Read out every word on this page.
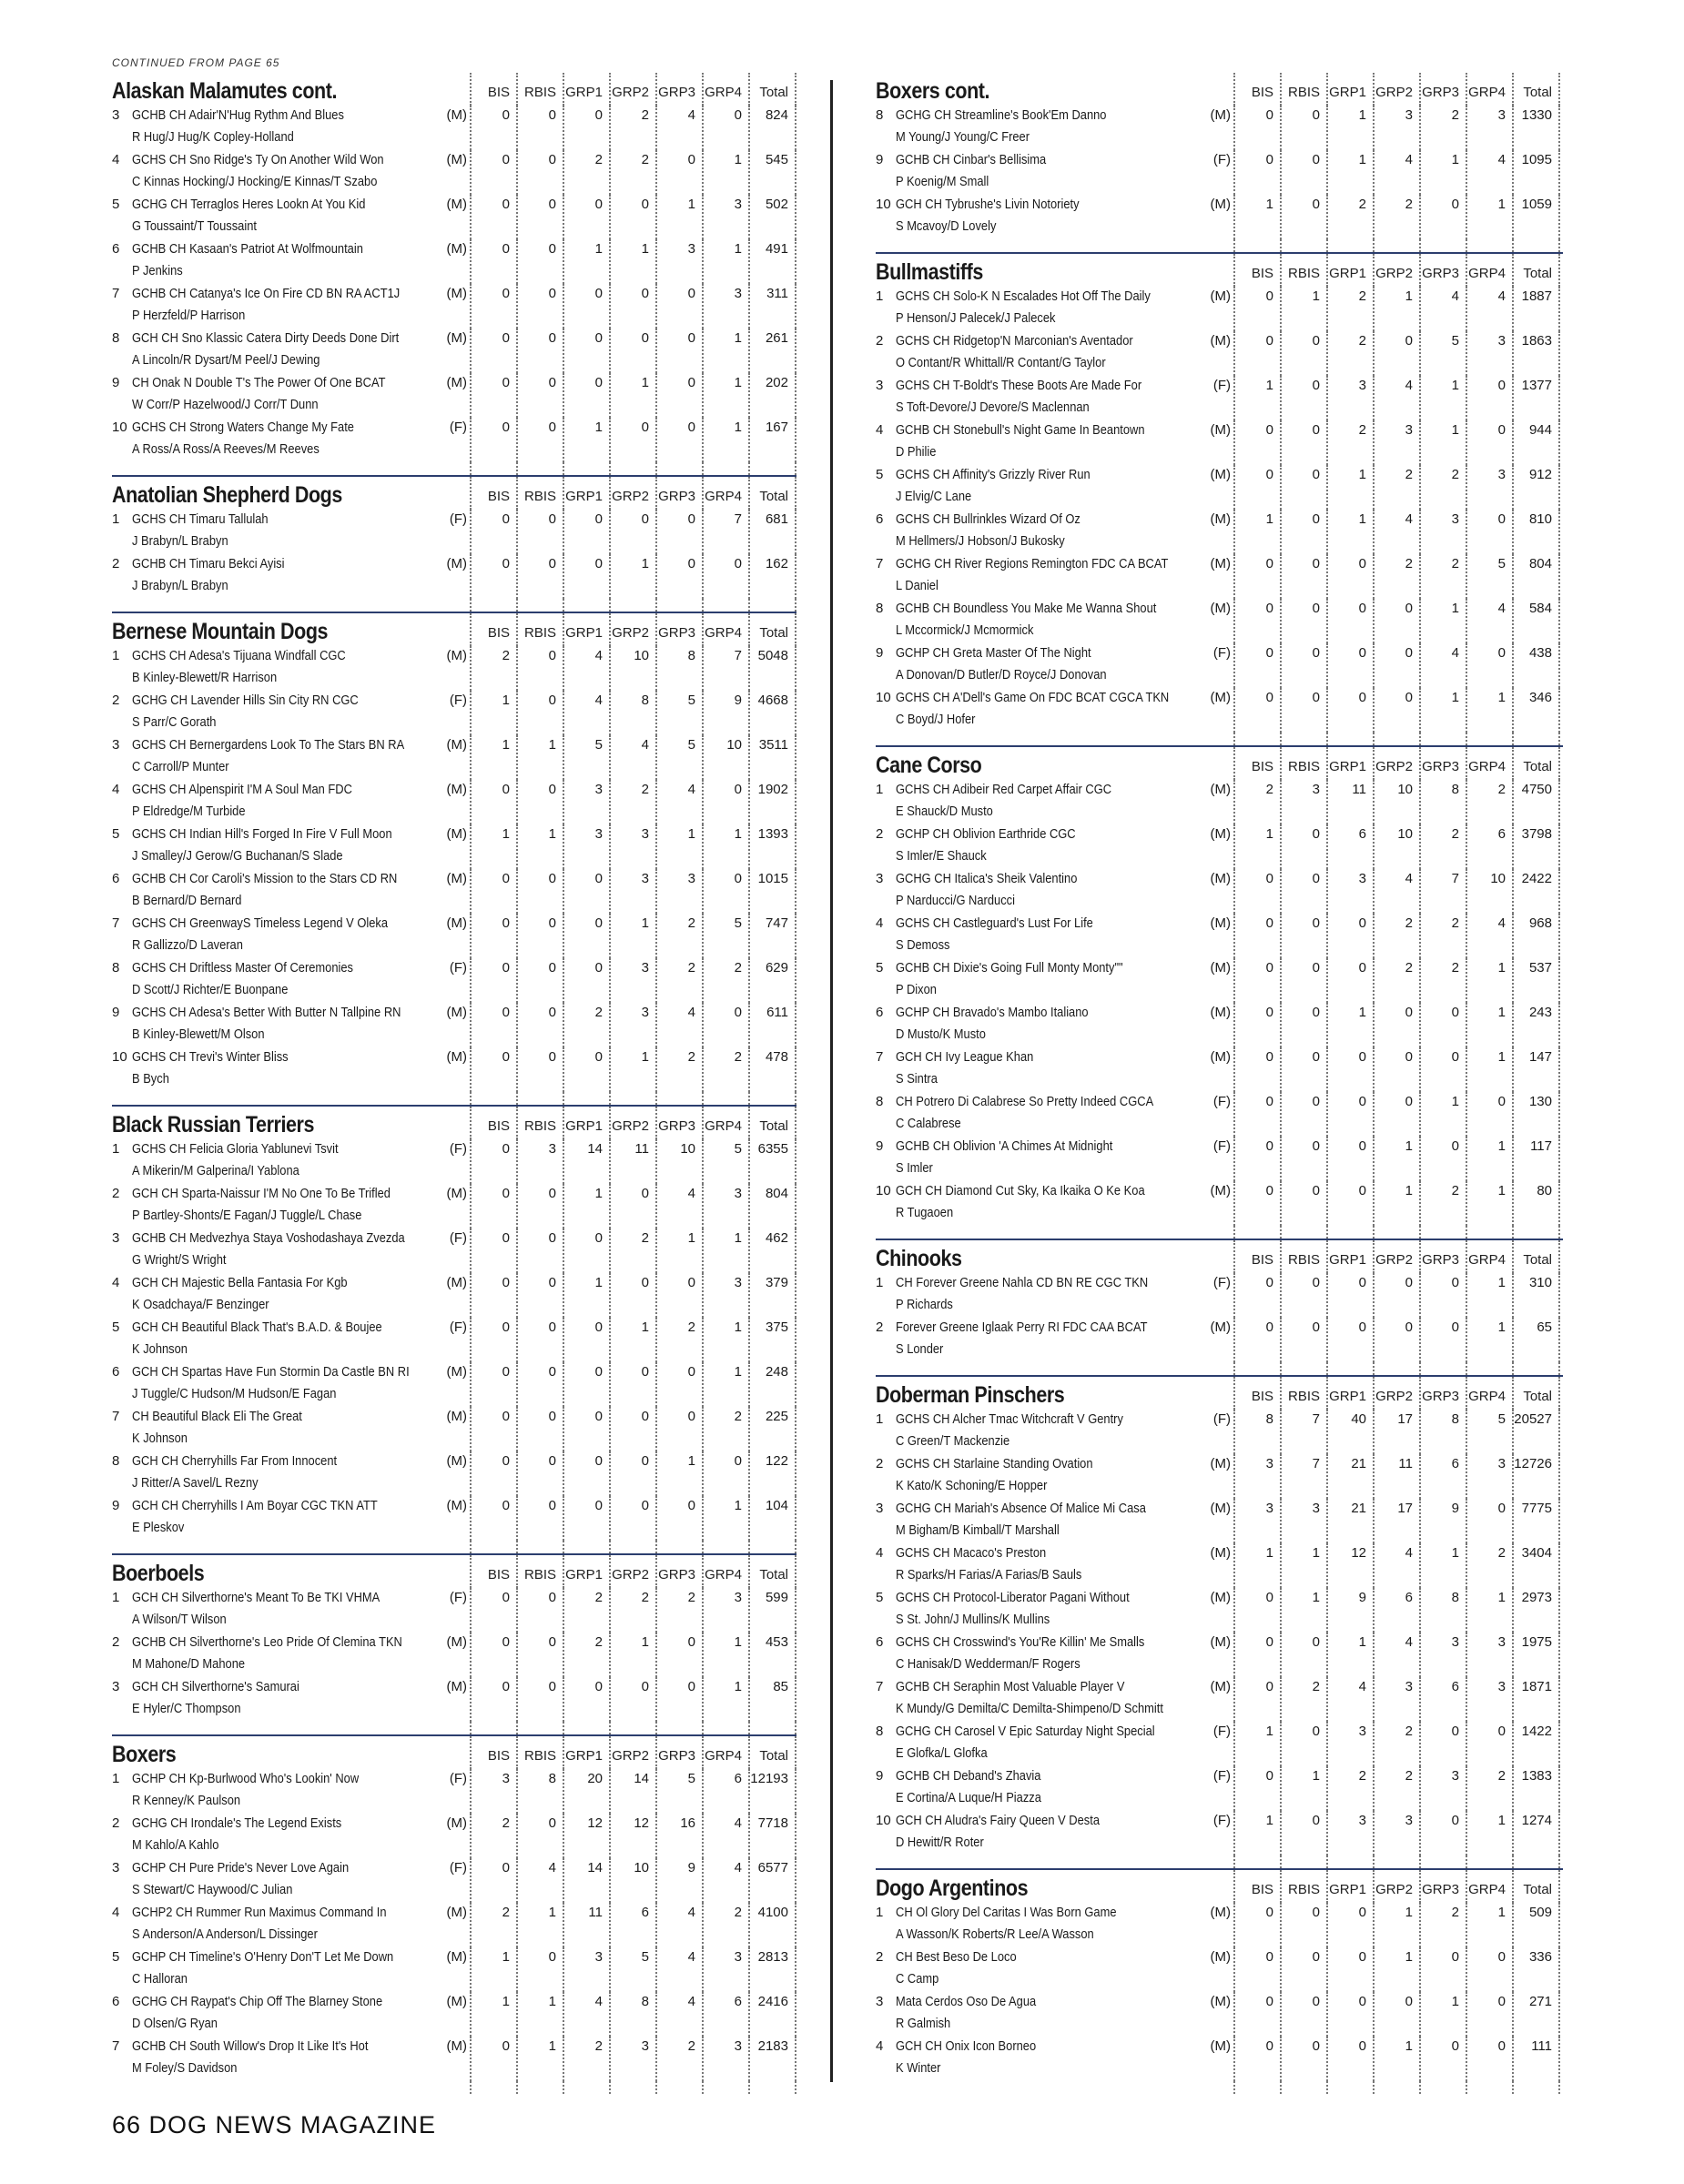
CONTINUED FROM PAGE 65
Alaskan Malamutes cont.	BIS	RBIS GRP1 GRP2 GRP3 GRP4	Total
3 GCHB CH Adair'N'Hug Rythm And Blues
R Hug/J Hug/K Copley-Holland
(M)	0	0	0	2	4	0	824
4 GCHS CH Sno Ridge's Ty On Another Wild Won
C Kinnas Hocking/J Hocking/E Kinnas/T Szabo
(M)	0	0	2	2	0	1	545
5 GCHG CH Terraglos Heres Lookn At You Kid
G Toussaint/T Toussaint
(M)	0	0	0	0	1	3	502
6 GCHB CH Kasaan's Patriot At Wolfmountain
P Jenkins
(M)	0	0	1	1	3	1	491
7 GCHB CH Catanya's Ice On Fire CD BN RA ACT1J
P Herzfeld/P Harrison
(M)	0	0	0	0	0	3	311
8 GCH CH Sno Klassic Catera Dirty Deeds Done Dirt
A Lincoln/R Dysart/M Peel/J Dewing
(M)	0	0	0	0	0	1	261
9 CH Onak N Double T's The Power Of One BCAT
W Corr/P Hazelwood/J Corr/T Dunn
(M)	0	0	0	1	0	1	202
10 GCHS CH Strong Waters Change My Fate
A Ross/A Ross/A Reeves/M Reeves
(F)	0	0	1	0	0	1	167
Anatolian Shepherd Dogs	BIS	RBIS GRP1 GRP2 GRP3 GRP4	Total
1 GCHS CH Timaru Tallulah
J Brabyn/L Brabyn
(F)	0	0	0	0	0	7	681
2 GCHB CH Timaru Bekci Ayisi
J Brabyn/L Brabyn
(M)	0	0	0	1	0	0	162
Bernese Mountain Dogs	BIS	RBIS GRP1 GRP2 GRP3 GRP4	Total
1 GCHS CH Adesa's Tijuana Windfall CGC
B Kinley-Blewett/R Harrison
(M)	2	0	4	10	8	7	5048
2 GCHG CH Lavender Hills Sin City RN CGC
S Parr/C Gorath
(F)	1	0	4	8	5	9	4668
3 GCHS CH Bernergardens Look To The Stars BN RA
C Carroll/P Munter
(M)	1	1	5	4	5	10	3511
4 GCHS CH Alpenspirit I'M A Soul Man FDC
P Eldredge/M Turbide
(M)	0	0	3	2	4	0	1902
5 GCHS CH Indian Hill's Forged In Fire V Full Moon
J Smalley/J Gerow/G Buchanan/S Slade
(M)	1	1	3	3	1	1	1393
6 GCHB CH Cor Caroli's Mission to the Stars CD RN
B Bernard/D Bernard
(M)	0	0	0	3	3	0	1015
7 GCHS CH GreenwayS Timeless Legend V Oleka
R Gallizzo/D Laveran
(M)	0	0	0	1	2	5	747
8 GCHS CH Driftless Master Of Ceremonies
D Scott/J Richter/E Buonpane
(F)	0	0	0	3	2	2	629
9 GCHS CH Adesa's Better With Butter N Tallpine RN
B Kinley-Blewett/M Olson
(M)	0	0	2	3	4	0	611
10 GCHS CH Trevi's Winter Bliss
B Bych
(M)	0	0	0	1	2	2	478
Black Russian Terriers	BIS	RBIS GRP1 GRP2 GRP3 GRP4	Total
1 GCHS CH Felicia Gloria Yablunevi Tsvit
A Mikerin/M Galperina/I Yablona
(F)	0	3	14	11	10	5	6355
2 GCH CH Sparta-Naissur I'M No One To Be Trifled
P Bartley-Shonts/E Fagan/J Tuggle/L Chase
(M)	0	0	1	0	4	3	804
3 GCHB CH Medvezhya Staya Voshodashaya Zvezda
G Wright/S Wright
(F)	0	0	0	2	1	1	462
4 GCH CH Majestic Bella Fantasia For Kgb
K Osadchaya/F Benzinger
(M)	0	0	1	0	0	3	379
5 GCH CH Beautiful Black That's B.A.D. & Boujee
K Johnson
(F)	0	0	0	1	2	1	375
6 GCH CH Spartas Have Fun Stormin Da Castle BN RI
J Tuggle/C Hudson/M Hudson/E Fagan
(M)	0	0	0	0	0	1	248
7 CH Beautiful Black Eli The Great
K Johnson
(M)	0	0	0	0	0	2	225
8 GCH CH Cherryhills Far From Innocent
J Ritter/A Savel/L Rezny
(M)	0	0	0	0	1	0	122
9 GCH CH Cherryhills I Am Boyar CGC TKN ATT
E Pleskov
(M)	0	0	0	0	0	1	104
Boerboels	BIS	RBIS GRP1 GRP2 GRP3 GRP4	Total
1 GCH CH Silverthorne's Meant To Be TKI VHMA
A Wilson/T Wilson
(F)	0	0	2	2	2	3	599
2 GCHB CH Silverthorne's Leo Pride Of Clemina TKN
M Mahone/D Mahone
(M)	0	0	2	1	0	1	453
3 GCH CH Silverthorne's Samurai
E Hyler/C Thompson
(M)	0	0	0	0	0	1	85
Boxers	BIS	RBIS GRP1 GRP2 GRP3 GRP4	Total
1 GCHP CH Kp-Burlwood Who's Lookin' Now
R Kenney/K Paulson
(F)	3	8	20	14	5	6 12193
2 GCHG CH Irondale's The Legend Exists
M Kahlo/A Kahlo
(M)	2	0	12	12	16	4	7718
3 GCHP CH Pure Pride's Never Love Again
S Stewart/C Haywood/C Julian
(F)	0	4	14	10	9	4	6577
4 GCHP2 CH Rummer Run Maximus Command In
S Anderson/A Anderson/L Dissinger
(M)	2	1	11	6	4	2	4100
5 GCHP CH Timeline's O'Henry Don'T Let Me Down
C Halloran
(M)	1	0	3	5	4	3	2813
6 GCHG CH Raypat's Chip Off The Blarney Stone
D Olsen/G Ryan
(M)	1	1	4	8	4	6	2416
7 GCHB CH South Willow's Drop It Like It's Hot
M Foley/S Davidson
(M)	0	1	2	3	2	3	2183
Boxers cont.	BIS	RBIS GRP1 GRP2 GRP3 GRP4	Total
8 GCHG CH Streamline's Book'Em Danno
M Young/J Young/C Freer
(M)	0	0	1	3	2	3	1330
9 GCHB CH Cinbar's Bellisima
P Koenig/M Small
(F)	0	0	1	4	1	4	1095
10 GCH CH Tybrushe's Livin Notoriety
S Mcavoy/D Lovely
(M)	1	0	2	2	0	1	1059
Bullmastiffs	BIS	RBIS GRP1 GRP2 GRP3 GRP4	Total
1 GCHS CH Solo-K N Escalades Hot Off The Daily
P Henson/J Palecek/J Palecek
(M)	0	1	2	1	4	4	1887
2 GCHS CH Ridgetop'N Marconian's Aventador
O Contant/R Whittall/R Contant/G Taylor
(M)	0	0	2	0	5	3	1863
3 GCHS CH T-Boldt's These Boots Are Made For
S Toft-Devore/J Devore/S Maclennan
(F)	1	0	3	4	1	0	1377
4 GCHB CH Stonebull's Night Game In Beantown
D Philie
(M)	0	0	2	3	1	0	944
5 GCHS CH Affinity's Grizzly River Run
J Elvig/C Lane
(M)	0	0	1	2	2	3	912
6 GCHS CH Bullrinkles Wizard Of Oz
M Hellmers/J Hobson/J Bukosky
(M)	1	0	1	4	3	0	810
7 GCHG CH River Regions Remington FDC CA BCAT
L Daniel
(M)	0	0	0	2	2	5	804
8 GCHB CH Boundless You Make Me Wanna Shout
L Mccormick/J Mcmormick
(M)	0	0	0	0	1	4	584
9 GCHP CH Greta Master Of The Night
A Donovan/D Butler/D Royce/J Donovan
(F)	0	0	0	0	4	0	438
10 GCHS CH A'Dell's Game On FDC BCAT CGCA TKN
C Boyd/J Hofer
(M)	0	0	0	0	1	1	346
Cane Corso	BIS	RBIS GRP1 GRP2 GRP3 GRP4	Total
1 GCHS CH Adibeir Red Carpet Affair CGC
E Shauck/D Musto
(M)	2	3	11	10	8	2	4750
2 GCHP CH Oblivion Earthride CGC
S Imler/E Shauck
(M)	1	0	6	10	2	6	3798
3 GCHG CH Italica's Sheik Valentino
P Narducci/G Narducci
(M)	0	0	3	4	7	10	2422
4 GCHS CH Castleguard's Lust For Life
S Demoss
(M)	0	0	0	2	2	4	968
5 GCHB CH Dixie's Going Full Monty Monty""
P Dixon
(M)	0	0	0	2	2	1	537
6 GCHP CH Bravado's Mambo Italiano
D Musto/K Musto
(M)	0	0	1	0	0	1	243
7 GCH CH Ivy League Khan
S Sintra
(M)	0	0	0	0	0	1	147
8 CH Potrero Di Calabrese So Pretty Indeed CGCA
C Calabrese
(F)	0	0	0	0	1	0	130
9 GCHB CH Oblivion 'A Chimes At Midnight
S Imler
(F)	0	0	0	1	0	1	117
10 GCH CH Diamond Cut Sky, Ka Ikaika O Ke Koa
R Tugaoen
(M)	0	0	0	1	2	1	80
Chinooks	BIS	RBIS GRP1 GRP2 GRP3 GRP4	Total
1 CH Forever Greene Nahla CD BN RE CGC TKN
P Richards
(F)	0	0	0	0	0	1	310
2 Forever Greene Iglaak Perry RI FDC CAA BCAT
S Londer
(M)	0	0	0	0	0	1	65
Doberman Pinschers	BIS	RBIS GRP1 GRP2 GRP3 GRP4	Total
1 GCHS CH Alcher Tmac Witchcraft V Gentry
C Green/T Mackenzie
(F)	8	7	40	17	8	5 20527
2 GCHS CH Starlaine Standing Ovation
K Kato/K Schoning/E Hopper
(M)	3	7	21	11	6	3 12726
3 GCHG CH Mariah's Absence Of Malice Mi Casa
M Bigham/B Kimball/T Marshall
(M)	3	3	21	17	9	0	7775
4 GCHS CH Macaco's Preston
R Sparks/H Farias/A Farias/B Sauls
(M)	1	1	12	4	1	2	3404
5 GCHS CH Protocol-Liberator Pagani Without
S St. John/J Mullins/K Mullins
(M)	0	1	9	6	8	1	2973
6 GCHS CH Crosswind's You'Re Killin' Me Smalls
C Hanisak/D Wedderman/F Rogers
(M)	0	0	1	4	3	3	1975
7 GCHB CH Seraphin Most Valuable Player V
K Mundy/G Demilta/C Demilta-Shimpeno/D Schmitt
(M)	0	2	4	3	6	3	1871
8 GCHG CH Carosel V Epic Saturday Night Special
E Glofka/L Glofka
(F)	1	0	3	2	0	0	1422
9 GCHB CH Deband's Zhavia
E Cortina/A Luque/H Piazza
(F)	0	1	2	2	3	2	1383
10 GCH CH Aludra's Fairy Queen V Desta
D Hewitt/R Roter
(F)	1	0	3	3	0	1	1274
Dogo Argentinos	BIS	RBIS GRP1 GRP2 GRP3 GRP4	Total
1 CH Ol Glory Del Caritas I Was Born Game
A Wasson/K Roberts/R Lee/A Wasson
(M)	0	0	0	1	2	1	509
2 CH Best Beso De Loco
C Camp
(M)	0	0	0	1	0	0	336
3 Mata Cerdos Oso De Agua
R Galmish
(M)	0	0	0	0	1	0	271
4 GCH CH Onix Icon Borneo
K Winter
(M)	0	0	0	1	0	0	111
66 DOG NEWS MAGAZINE
